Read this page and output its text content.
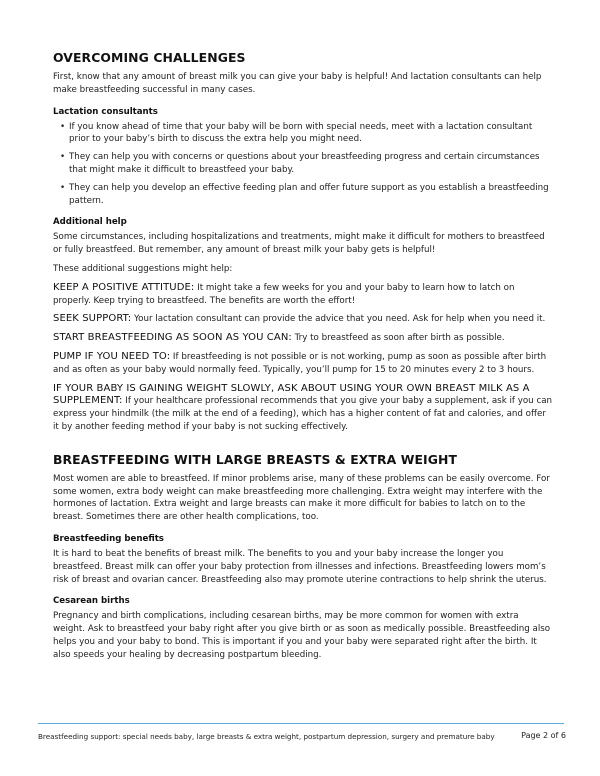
OVERCOMING CHALLENGES

First, know that any amount of breast milk you can give your baby is helpful! And lactation consultants can help make breastfeeding successful in many cases.

Lactation consultants
• If you know ahead of time that your baby will be born with special needs, meet with a lactation consultant prior to your baby’s birth to discuss the extra help you might need.
• They can help you with concerns or questions about your breastfeeding progress and certain circumstances that might make it difficult to breastfeed your baby.
• They can help you develop an effective feeding plan and offer future support as you establish a breastfeeding pattern.
Additional help

Some circumstances, including hospitalizations and treatments, might make it difficult for mothers to breastfeed or fully breastfeed. But remember, any amount of breast milk your baby gets is helpful!

These additional suggestions might help:

KEEP A POSITIVE ATTITUDE: It might take a few weeks for you and your baby to learn how to latch on properly. Keep trying to breastfeed. The benefits are worth the effort!

SEEK SUPPORT: Your lactation consultant can provide the advice that you need. Ask for help when you need it.

START BREASTFEEDING AS SOON AS YOU CAN: Try to breastfeed as soon after birth as possible.

PUMP IF YOU NEED TO: If breastfeeding is not possible or is not working, pump as soon as possible after birth and as often as your baby would normally feed. Typically, you’ll pump for 15 to 20 minutes every 2 to 3 hours.

IF YOUR BABY IS GAINING WEIGHT SLOWLY, ASK ABOUT USING YOUR OWN BREAST MILK AS A SUPPLEMENT: If your healthcare professional recommends that you give your baby a supplement, ask if you can express your hindmilk (the milk at the end of a feeding), which has a higher content of fat and calories, and offer it by another feeding method if your baby is not sucking effectively.

BREASTFEEDING WITH LARGE BREASTS & EXTRA WEIGHT

Most women are able to breastfeed. If minor problems arise, many of these problems can be easily overcome. For some women, extra body weight can make breastfeeding more challenging. Extra weight may interfere with the hormones of lactation. Extra weight and large breasts can make it more difficult for babies to latch on to the breast. Sometimes there are other health complications, too.

Breastfeeding benefits

It is hard to beat the benefits of breast milk. The benefits to you and your baby increase the longer you breastfeed. Breast milk can offer your baby protection from illnesses and infections. Breastfeeding lowers mom’s risk of breast and ovarian cancer. Breastfeeding also may promote uterine contractions to help shrink the uterus.

Cesarean births

Pregnancy and birth complications, including cesarean births, may be more common for women with extra weight. Ask to breastfeed your baby right after you give birth or as soon as medically possible. Breastfeeding also helps you and your baby to bond. This is important if you and your baby were separated right after the birth. It also speeds your healing by decreasing postpartum bleeding.

Breastfeeding support: special needs baby, large breasts & extra weight, postpartum depression, surgery and premature baby	Page 2 of 6
